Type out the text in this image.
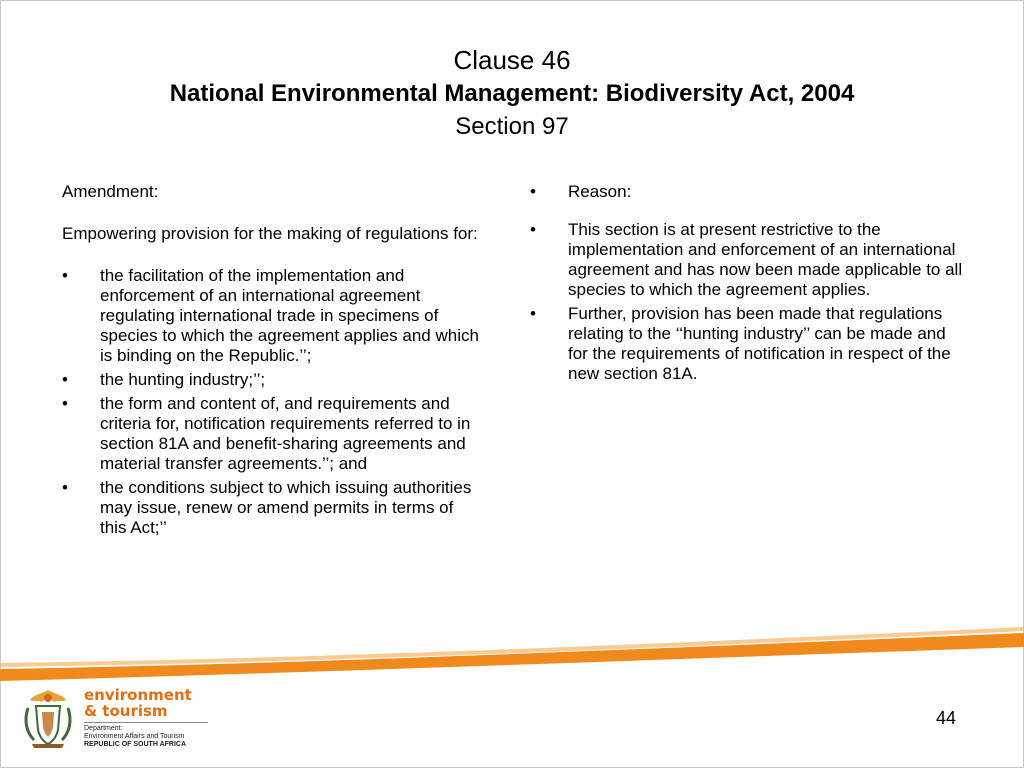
Clause 46
National Environmental Management: Biodiversity Act, 2004
Section 97

Amendment:

Empowering provision for the making of regulations for:

•	the facilitation of the implementation and enforcement of an international agreement regulating international trade in specimens of species to which the agreement applies and which is binding on the Republic.’’;
•	the hunting industry;’’;
•	the form and content of, and requirements and criteria for, notification requirements referred to in section 81A and benefit-sharing agreements and material transfer agreements.’’; and
•	the conditions subject to which issuing authorities may issue, renew or amend permits in terms of this Act;’’
•	Reason:
•	This section is at present restrictive to the implementation and enforcement of an international agreement and has now been made applicable to all species to which the agreement applies.
•	Further, provision has been made that regulations relating to the ‘‘hunting industry’’ can be made and for the requirements of notification in respect of the new section 81A.
environment
& tourism
Department:
Environment Affairs and Tourism
REPUBLIC OF SOUTH AFRICA
44
